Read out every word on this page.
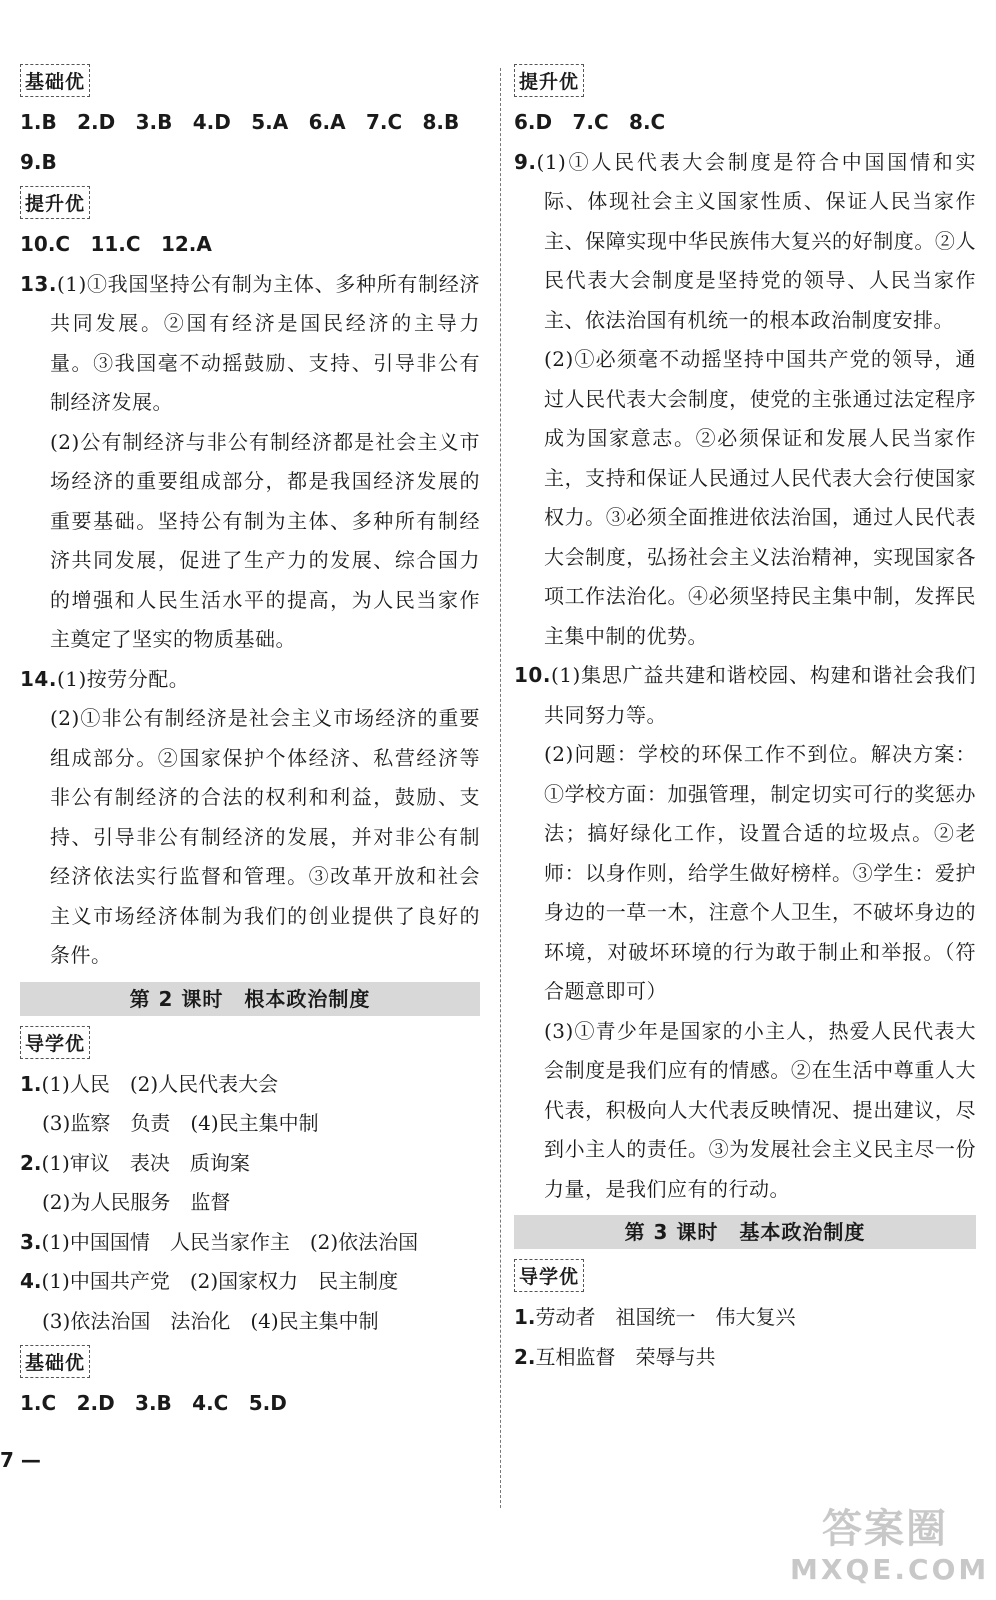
基础优
1.B 2.D 3.B 4.D 5.A 6.A 7.C 8.B
9.B
提升优
10.C 11.C 12.A
13.(1)①我国坚持公有制为主体、多种所有制经济共同发展。②国有经济是国民经济的主导力量。③我国毫不动摇鼓励、支持、引导非公有制经济发展。
(2)公有制经济与非公有制经济都是社会主义市场经济的重要组成部分，都是我国经济发展的重要基础。坚持公有制为主体、多种所有制经济共同发展，促进了生产力的发展、综合国力的增强和人民生活水平的提高，为人民当家作主奠定了坚实的物质基础。
14.(1)按劳分配。
(2)①非公有制经济是社会主义市场经济的重要组成部分。②国家保护个体经济、私营经济等非公有制经济的合法的权利和利益，鼓励、支持、引导非公有制经济的发展，并对非公有制经济依法实行监督和管理。③改革开放和社会主义市场经济体制为我们的创业提供了良好的条件。
第 2 课时　根本政治制度
导学优
1.(1)人民　(2)人民代表大会
(3)监察　负责　(4)民主集中制
2.(1)审议　表决　质询案
(2)为人民服务　监督
3.(1)中国国情　人民当家作主　(2)依法治国
4.(1)中国共产党　(2)国家权力　民主制度
(3)依法治国　法治化　(4)民主集中制
基础优
1.C 2.D 3.B 4.C 5.D
提升优
6.D 7.C 8.C
9.(1)①人民代表大会制度是符合中国国情和实际、体现社会主义国家性质、保证人民当家作主、保障实现中华民族伟大复兴的好制度。②人民代表大会制度是坚持党的领导、人民当家作主、依法治国有机统一的根本政治制度安排。
(2)①必须毫不动摇坚持中国共产党的领导，通过人民代表大会制度，使党的主张通过法定程序成为国家意志。②必须保证和发展人民当家作主，支持和保证人民通过人民代表大会行使国家权力。③必须全面推进依法治国，通过人民代表大会制度，弘扬社会主义法治精神，实现国家各项工作法治化。④必须坚持民主集中制，发挥民主集中制的优势。
10.(1)集思广益共建和谐校园、构建和谐社会我们共同努力等。
(2)问题：学校的环保工作不到位。解决方案：①学校方面：加强管理，制定切实可行的奖惩办法；搞好绿化工作，设置合适的垃圾点。②老师：以身作则，给学生做好榜样。③学生：爱护身边的一草一木，注意个人卫生，不破坏身边的环境，对破坏环境的行为敢于制止和举报。（符合题意即可）
(3)①青少年是国家的小主人，热爱人民代表大会制度是我们应有的情感。②在生活中尊重人大代表，积极向人大代表反映情况、提出建议，尽到小主人的责任。③为发展社会主义民主尽一份力量，是我们应有的行动。
第 3 课时　基本政治制度
导学优
1.劳动者　祖国统一　伟大复兴
2.互相监督　荣辱与共
7 —
答案圈
MXQE.COM
